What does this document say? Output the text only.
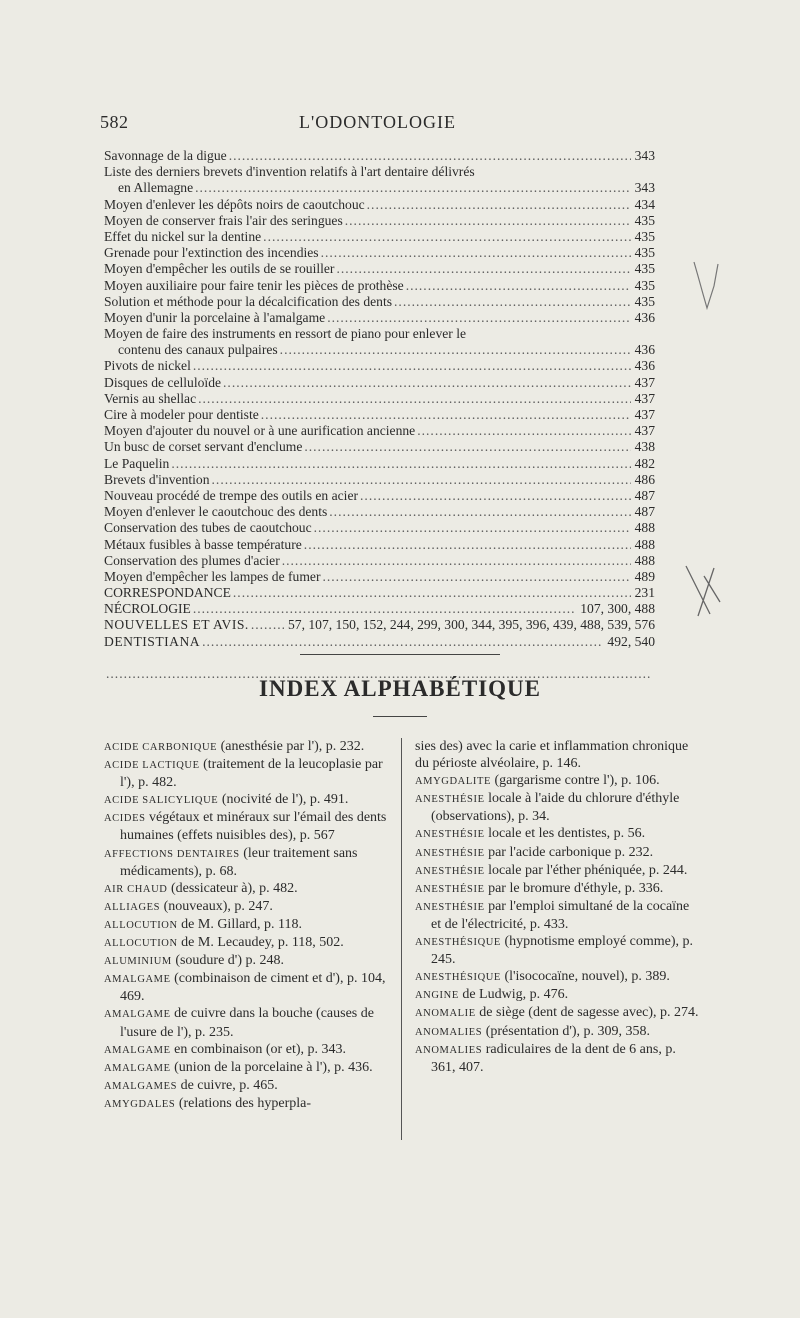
582	L'ODONTOLOGIE
Savonnage de la digue .....	343
Liste des derniers brevets d'invention relatifs à l'art dentaire délivrés
en Allemagne .....	343
Moyen d'enlever les dépôts noirs de caoutchouc .....	434
Moyen de conserver frais l'air des seringues .....	435
Effet du nickel sur la dentine .....	435
Grenade pour l'extinction des incendies .....	435
Moyen d'empêcher les outils de se rouiller .....	435
Moyen auxiliaire pour faire tenir les pièces de prothèse .....	435
Solution et méthode pour la décalcification des dents .....	435
Moyen d'unir la porcelaine à l'amalgame .....	436
Moyen de faire des instruments en ressort de piano pour enlever le
contenu des canaux pulpaires .....	436
Pivots de nickel .....	436
Disques de celluloïde .....	437
Vernis au shellac .....	437
Cire à modeler pour dentiste .....	437
Moyen d'ajouter du nouvel or à une aurification ancienne .....	437
Un busc de corset servant d'enclume .....	438
Le Paquelin .....	482
Brevets d'invention .....	486
Nouveau procédé de trempe des outils en acier .....	487
Moyen d'enlever le caoutchouc des dents .....	487
Conservation des tubes de caoutchouc .....	488
Métaux fusibles à basse température .....	488
Conservation des plumes d'acier .....	488
Moyen d'empêcher les lampes de fumer .....	489
CORRESPONDANCE .....	231
NÉCROLOGIE .....	107, 300, 488
NOUVELLES ET AVIS. .....	57, 107, 150, 152, 244, 299, 300, 344, 395, 396, 439, 488, 539, 576
DENTISTIANA .....	492, 540
.....
INDEX ALPHABÉTIQUE

ACIDE CARBONIQUE (anesthésie par l'), p. 232.

ACIDE LACTIQUE (traitement de la leucoplasie par l'), p. 482.

ACIDE SALICYLIQUE (nocivité de l'), p. 491.

ACIDES végétaux et minéraux sur l'émail des dents humaines (effets nuisibles des), p. 567

AFFECTIONS DENTAIRES (leur traitement sans médicaments), p. 68.

AIR CHAUD (dessicateur à), p. 482.

ALLIAGES (nouveaux), p. 247.

ALLOCUTION de M. Gillard, p. 118.

ALLOCUTION de M. Lecaudey, p. 118, 502.

ALUMINIUM (soudure d') p. 248.

AMALGAME (combinaison de ciment et d'), p. 104, 469.

AMALGAME de cuivre dans la bouche (causes de l'usure de l'), p. 235.

AMALGAME en combinaison (or et), p. 343.

AMALGAME (union de la porcelaine à l'), p. 436.

AMALGAMES de cuivre, p. 465.

AMYGDALES (relations des hyperpla-

sies des) avec la carie et inflammation chronique du périoste alvéolaire, p. 146.

AMYGDALITE (gargarisme contre l'), p. 106.

ANESTHÉSIE locale à l'aide du chlorure d'éthyle (observations), p. 34.

ANESTHÉSIE locale et les dentistes, p. 56.

ANESTHÉSIE par l'acide carbonique p. 232.

ANESTHÉSIE locale par l'éther phéniquée, p. 244.

ANESTHÉSIE par le bromure d'éthyle, p. 336.

ANESTHÉSIE par l'emploi simultané de la cocaïne et de l'électricité, p. 433.

ANESTHÉSIQUE (hypnotisme employé comme), p. 245.

ANESTHÉSIQUE (l'isococaïne, nouvel), p. 389.

ANGINE de Ludwig, p. 476.

ANOMALIE de siège (dent de sagesse avec), p. 274.

ANOMALIES (présentation d'), p. 309, 358.

ANOMALIES radiculaires de la dent de 6 ans, p. 361, 407.
